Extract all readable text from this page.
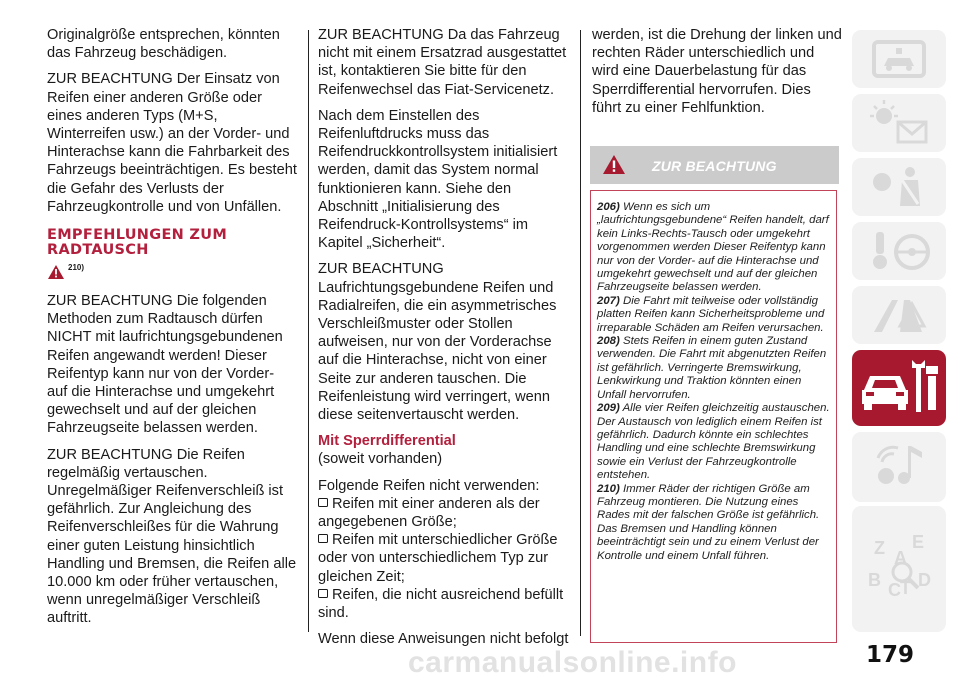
Originalgröße entsprechen, könnten das Fahrzeug beschädigen.

ZUR BEACHTUNG Der Einsatz von Reifen einer anderen Größe oder eines anderen Typs (M+S, Winterreifen usw.) an der Vorder- und Hinterachse kann die Fahrbarkeit des Fahrzeugs beeinträchtigen. Es besteht die Gefahr des Verlusts der Fahrzeugkontrolle und von Unfällen.

EMPFEHLUNGEN ZUM RADTAUSCH
210)

ZUR BEACHTUNG Die folgenden Methoden zum Radtausch dürfen NICHT mit laufrichtungsgebundenen Reifen angewandt werden! Dieser Reifentyp kann nur von der Vorder- auf die Hinterachse und umgekehrt gewechselt und auf der gleichen Fahrzeugseite belassen werden.

ZUR BEACHTUNG Die Reifen regelmäßig vertauschen. Unregelmäßiger Reifenverschleiß ist gefährlich. Zur Angleichung des Reifenverschleißes für die Wahrung einer guten Leistung hinsichtlich Handling und Bremsen, die Reifen alle 10.000 km oder früher vertauschen, wenn unregelmäßiger Verschleiß auftritt.

ZUR BEACHTUNG Da das Fahrzeug nicht mit einem Ersatzrad ausgestattet ist, kontaktieren Sie bitte für den Reifenwechsel das Fiat-Servicenetz.

Nach dem Einstellen des Reifenluftdrucks muss das Reifendruckkontrollsystem initialisiert werden, damit das System normal funktionieren kann. Siehe den Abschnitt „Initialisierung des Reifendruck-Kontrollsystems“ im Kapitel „Sicherheit“.

ZUR BEACHTUNG Laufrichtungsgebundene Reifen und Radialreifen, die ein asymmetrisches Verschleißmuster oder Stollen aufweisen, nur von der Vorderachse auf die Hinterachse, nicht von einer Seite zur anderen tauschen. Die Reifenleistung wird verringert, wenn diese seitenvertauscht werden.

Mit Sperrdifferential

(soweit vorhanden)

Folgende Reifen nicht verwenden:

Reifen mit einer anderen als der angegebenen Größe;
Reifen mit unterschiedlicher Größe oder von unterschiedlichem Typ zur gleichen Zeit;
Reifen, die nicht ausreichend befüllt sind.

Wenn diese Anweisungen nicht befolgt

werden, ist die Drehung der linken und rechten Räder unterschiedlich und wird eine Dauerbelastung für das Sperrdifferential hervorrufen. Dies führt zu einer Fehlfunktion.

ZUR BEACHTUNG
206) Wenn es sich um „laufrichtungsgebundene“ Reifen handelt, darf kein Links-Rechts-Tausch oder umgekehrt vorgenommen werden Dieser Reifentyp kann nur von der Vorder- auf die Hinterachse und umgekehrt gewechselt und auf der gleichen Fahrzeugseite belassen werden.
207) Die Fahrt mit teilweise oder vollständig platten Reifen kann Sicherheitsprobleme und irreparable Schäden am Reifen verursachen.
208) Stets Reifen in einem guten Zustand verwenden. Die Fahrt mit abgenutzten Reifen ist gefährlich. Verringerte Bremswirkung, Lenkwirkung und Traktion könnten einen Unfall hervorrufen.
209) Alle vier Reifen gleichzeitig austauschen. Der Austausch von lediglich einem Reifen ist gefährlich. Dadurch könnte ein schlechtes Handling und eine schlechte Bremswirkung sowie ein Verlust der Fahrzeugkontrolle entstehen.
210) Immer Räder der richtigen Größe am Fahrzeug montieren. Die Nutzung eines Rades mit der falschen Größe ist gefährlich. Das Bremsen und Handling können beeinträchtigt sein und zu einem Verlust der Kontrolle und einem Unfall führen.	Z E
A
B C T D
carmanualsonline.info	179
